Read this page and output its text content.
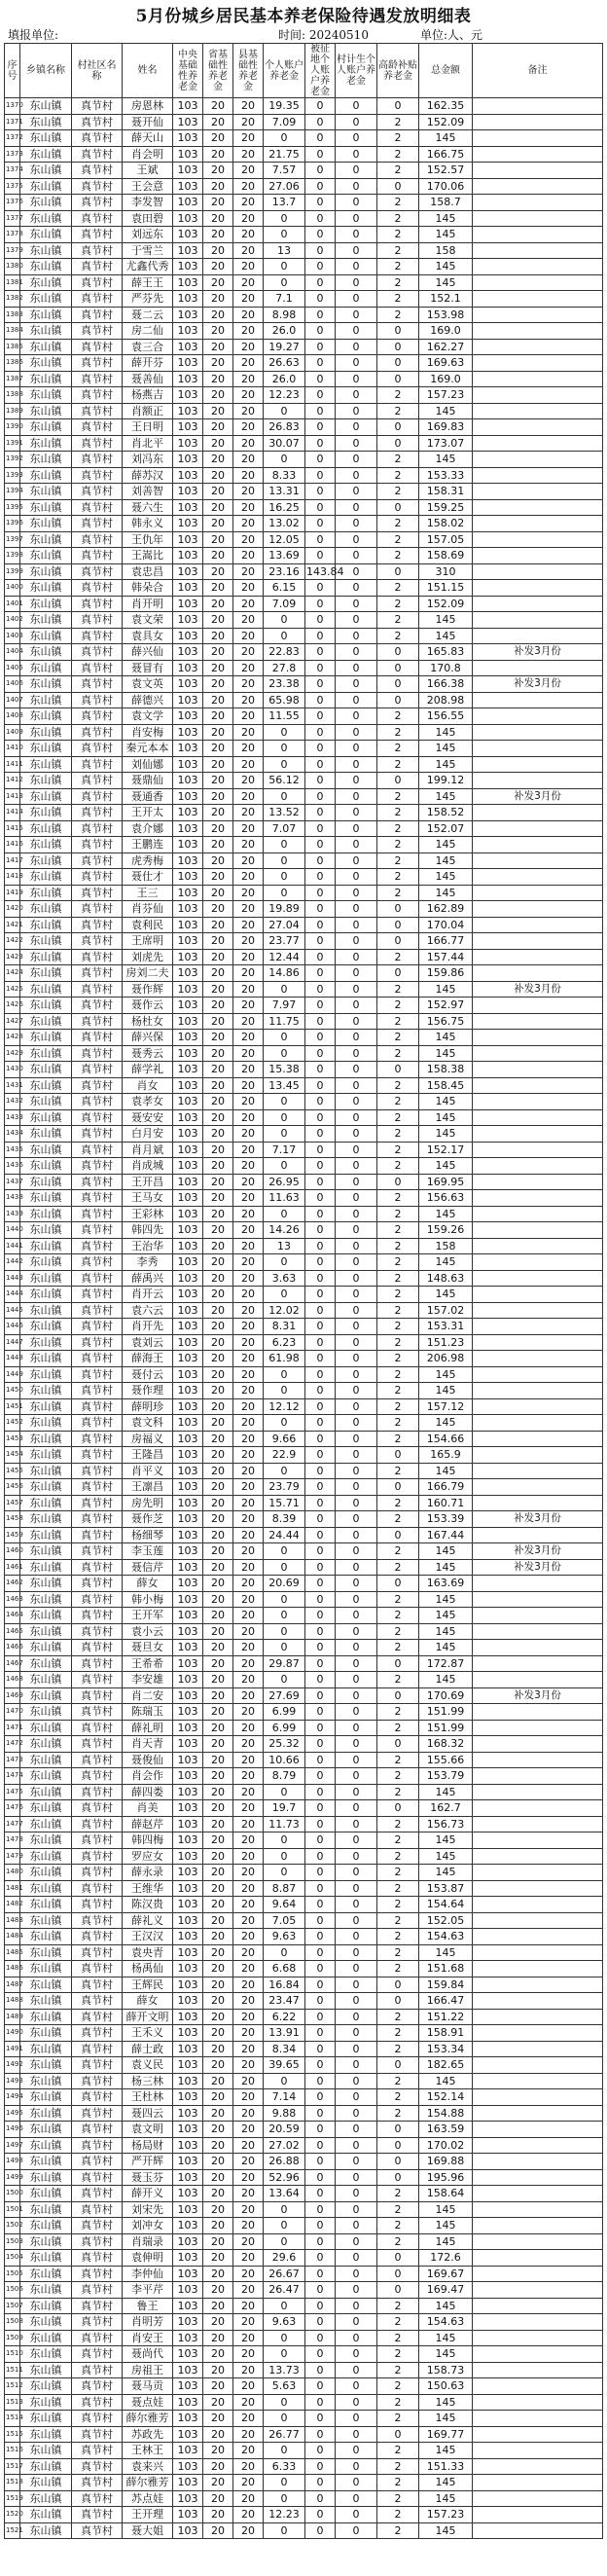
5月份城乡居民基本养老保险待遇发放明细表
填报单位:	时间: 20240510	单位:人、元
序号	乡镇名称	村社区名称	姓名	中央基础性养老金	省基础性养老金	县基础性养老金	个人账户养老金	被征地个人账户养老金	村计生个人账户养老金	高龄补贴养老金	总金额	备注
1370	东山镇	真节村	房恩林	103	20	20	19.35	0	0	0	162.35	
1371	东山镇	真节村	聂开仙	103	20	20	7.09	0	0	2	152.09	
1372	东山镇	真节村	薛天山	103	20	20	0	0	0	2	145	
1373	东山镇	真节村	肖会明	103	20	20	21.75	0	0	2	166.75	
1374	东山镇	真节村	王斌	103	20	20	7.57	0	0	2	152.57	
1375	东山镇	真节村	王会意	103	20	20	27.06	0	0	0	170.06	
1376	东山镇	真节村	李发智	103	20	20	13.7	0	0	2	158.7	
1377	东山镇	真节村	袁田碧	103	20	20	0	0	0	2	145	
1378	东山镇	真节村	刘远东	103	20	20	0	0	0	2	145	
1379	东山镇	真节村	于雪兰	103	20	20	13	0	0	2	158	
1380	东山镇	真节村	尤鑫代秀	103	20	20	0	0	0	2	145	
1381	东山镇	真节村	薛王王	103	20	20	0	0	0	2	145	
1382	东山镇	真节村	严芬先	103	20	20	7.1	0	0	2	152.1	
1383	东山镇	真节村	聂二云	103	20	20	8.98	0	0	2	153.98	
1384	东山镇	真节村	房二仙	103	20	20	26.0	0	0	0	169.0	
1385	东山镇	真节村	袁三合	103	20	20	19.27	0	0	0	162.27	
1386	东山镇	真节村	薛开芬	103	20	20	26.63	0	0	0	169.63	
1387	东山镇	真节村	聂善仙	103	20	20	26.0	0	0	0	169.0	
1388	东山镇	真节村	杨燕吉	103	20	20	12.23	0	0	2	157.23	
1389	东山镇	真节村	肖额正	103	20	20	0	0	0	2	145	
1390	东山镇	真节村	王日明	103	20	20	26.83	0	0	0	169.83	
1391	东山镇	真节村	肖北平	103	20	20	30.07	0	0	0	173.07	
1392	东山镇	真节村	刘冯东	103	20	20	0	0	0	2	145	
1393	东山镇	真节村	薛苏汉	103	20	20	8.33	0	0	2	153.33	
1394	东山镇	真节村	刘善智	103	20	20	13.31	0	0	2	158.31	
1395	东山镇	真节村	聂六生	103	20	20	16.25	0	0	0	159.25	
1396	东山镇	真节村	韩永义	103	20	20	13.02	0	0	2	158.02	
1397	东山镇	真节村	王仇年	103	20	20	12.05	0	0	2	157.05	
1398	东山镇	真节村	王嵩比	103	20	20	13.69	0	0	2	158.69	
1399	东山镇	真节村	袁忠昌	103	20	20	23.16	143.84	0	0	310	
1400	东山镇	真节村	韩朵合	103	20	20	6.15	0	0	2	151.15	
1401	东山镇	真节村	肖开明	103	20	20	7.09	0	0	2	152.09	
1402	东山镇	真节村	袁文荣	103	20	20	0	0	0	2	145	
1403	东山镇	真节村	袁具女	103	20	20	0	0	0	2	145	
1404	东山镇	真节村	薛兴仙	103	20	20	22.83	0	0	0	165.83	补发3月份
1405	东山镇	真节村	聂冒有	103	20	20	27.8	0	0	0	170.8	
1406	东山镇	真节村	袁文英	103	20	20	23.38	0	0	0	166.38	补发3月份
1407	东山镇	真节村	薛德兴	103	20	20	65.98	0	0	0	208.98	
1408	东山镇	真节村	袁文学	103	20	20	11.55	0	0	2	156.55	
1409	东山镇	真节村	肖安梅	103	20	20	0	0	0	2	145	
1410	东山镇	真节村	秦元本本	103	20	20	0	0	0	2	145	
1411	东山镇	真节村	刘仙娜	103	20	20	0	0	0	2	145	
1412	东山镇	真节村	聂鼎仙	103	20	20	56.12	0	0	0	199.12	
1413	东山镇	真节村	聂通香	103	20	20	0	0	0	2	145	补发3月份
1414	东山镇	真节村	王开太	103	20	20	13.52	0	0	2	158.52	
1415	东山镇	真节村	袁介娜	103	20	20	7.07	0	0	2	152.07	
1416	东山镇	真节村	王鹏连	103	20	20	0	0	0	2	145	
1417	东山镇	真节村	虎秀梅	103	20	20	0	0	0	2	145	
1418	东山镇	真节村	聂仕才	103	20	20	0	0	0	2	145	
1419	东山镇	真节村	王三	103	20	20	0	0	0	2	145	
1420	东山镇	真节村	肖芬仙	103	20	20	19.89	0	0	0	162.89	
1421	东山镇	真节村	袁利民	103	20	20	27.04	0	0	0	170.04	
1422	东山镇	真节村	王席明	103	20	20	23.77	0	0	0	166.77	
1423	东山镇	真节村	刘虎先	103	20	20	12.44	0	0	2	157.44	
1424	东山镇	真节村	房刘二夫	103	20	20	14.86	0	0	0	159.86	
1425	东山镇	真节村	聂作辉	103	20	20	0	0	0	2	145	补发3月份
1426	东山镇	真节村	聂作云	103	20	20	7.97	0	0	2	152.97	
1427	东山镇	真节村	杨杜女	103	20	20	11.75	0	0	2	156.75	
1428	东山镇	真节村	薛兴保	103	20	20	0	0	0	2	145	
1429	东山镇	真节村	聂秀云	103	20	20	0	0	0	2	145	
1430	东山镇	真节村	薛学礼	103	20	20	15.38	0	0	0	158.38	
1431	东山镇	真节村	肖女	103	20	20	13.45	0	0	2	158.45	
1432	东山镇	真节村	袁孝女	103	20	20	0	0	0	2	145	
1433	东山镇	真节村	聂安安	103	20	20	0	0	0	2	145	
1434	东山镇	真节村	白月安	103	20	20	0	0	0	2	145	
1435	东山镇	真节村	肖月斌	103	20	20	7.17	0	0	2	152.17	
1436	东山镇	真节村	肖成城	103	20	20	0	0	0	2	145	
1437	东山镇	真节村	王开昌	103	20	20	26.95	0	0	0	169.95	
1438	东山镇	真节村	王马女	103	20	20	11.63	0	0	2	156.63	
1439	东山镇	真节村	王彩林	103	20	20	0	0	0	2	145	
1440	东山镇	真节村	韩四先	103	20	20	14.26	0	0	2	159.26	
1441	东山镇	真节村	王治华	103	20	20	13	0	0	2	158	
1442	东山镇	真节村	李秀	103	20	20	0	0	0	2	145	
1443	东山镇	真节村	薛禹兴	103	20	20	3.63	0	0	2	148.63	
1444	东山镇	真节村	肖开云	103	20	20	0	0	0	2	145	
1445	东山镇	真节村	袁六云	103	20	20	12.02	0	0	2	157.02	
1446	东山镇	真节村	肖开先	103	20	20	8.31	0	0	2	153.31	
1447	东山镇	真节村	袁刘云	103	20	20	6.23	0	0	2	151.23	
1448	东山镇	真节村	薛海王	103	20	20	61.98	0	0	2	206.98	
1449	东山镇	真节村	聂付云	103	20	20	0	0	0	2	145	
1450	东山镇	真节村	聂作理	103	20	20	0	0	0	2	145	
1451	东山镇	真节村	薛明珍	103	20	20	12.12	0	0	2	157.12	
1452	东山镇	真节村	袁文科	103	20	20	0	0	0	2	145	
1453	东山镇	真节村	房福义	103	20	20	9.66	0	0	2	154.66	
1454	东山镇	真节村	王隆昌	103	20	20	22.9	0	0	0	165.9	
1455	东山镇	真节村	肖平义	103	20	20	0	0	0	2	145	
1456	东山镇	真节村	王凛昌	103	20	20	23.79	0	0	0	166.79	
1457	东山镇	真节村	房先明	103	20	20	15.71	0	0	2	160.71	
1458	东山镇	真节村	聂作芝	103	20	20	8.39	0	0	2	153.39	补发3月份
1459	东山镇	真节村	杨细琴	103	20	20	24.44	0	0	0	167.44	
1460	东山镇	真节村	李玉莲	103	20	20	0	0	0	2	145	补发3月份
1461	东山镇	真节村	聂信芹	103	20	20	0	0	0	2	145	补发3月份
1462	东山镇	真节村	薛女	103	20	20	20.69	0	0	0	163.69	
1463	东山镇	真节村	韩小梅	103	20	20	0	0	0	2	145	
1464	东山镇	真节村	王开军	103	20	20	0	0	0	2	145	
1465	东山镇	真节村	袁小云	103	20	20	0	0	0	2	145	
1466	东山镇	真节村	聂旦女	103	20	20	0	0	0	2	145	
1467	东山镇	真节村	王希希	103	20	20	29.87	0	0	0	172.87	
1468	东山镇	真节村	李安雄	103	20	20	0	0	0	2	145	
1469	东山镇	真节村	肖二安	103	20	20	27.69	0	0	0	170.69	补发3月份
1470	东山镇	真节村	陈瑞玉	103	20	20	6.99	0	0	2	151.99	
1471	东山镇	真节村	薛礼明	103	20	20	6.99	0	0	2	151.99	
1472	东山镇	真节村	肖天青	103	20	20	25.32	0	0	0	168.32	
1473	东山镇	真节村	聂俊仙	103	20	20	10.66	0	0	2	155.66	
1474	东山镇	真节村	肖会作	103	20	20	8.79	0	0	2	153.79	
1475	东山镇	真节村	薛四娄	103	20	20	0	0	0	2	145	
1476	东山镇	真节村	肖美	103	20	20	19.7	0	0	0	162.7	
1477	东山镇	真节村	薛赵芹	103	20	20	11.73	0	0	2	156.73	
1478	东山镇	真节村	韩四梅	103	20	20	0	0	0	2	145	
1479	东山镇	真节村	罗应女	103	20	20	0	0	0	2	145	
1480	东山镇	真节村	薛永录	103	20	20	0	0	0	2	145	
1481	东山镇	真节村	王维华	103	20	20	8.87	0	0	2	153.87	
1482	东山镇	真节村	陈汉贵	103	20	20	9.64	0	0	2	154.64	
1483	东山镇	真节村	薛礼义	103	20	20	7.05	0	0	2	152.05	
1484	东山镇	真节村	王汉汉	103	20	20	9.63	0	0	2	154.63	
1485	东山镇	真节村	袁央青	103	20	20	0	0	0	2	145	
1486	东山镇	真节村	杨禹仙	103	20	20	6.68	0	0	2	151.68	
1487	东山镇	真节村	王辉民	103	20	20	16.84	0	0	0	159.84	
1488	东山镇	真节村	薛女	103	20	20	23.47	0	0	0	166.47	
1489	东山镇	真节村	薛开文明	103	20	20	6.22	0	0	2	151.22	
1490	东山镇	真节村	王禾义	103	20	20	13.91	0	0	2	158.91	
1491	东山镇	真节村	薛士政	103	20	20	8.34	0	0	2	153.34	
1492	东山镇	真节村	袁义民	103	20	20	39.65	0	0	0	182.65	
1493	东山镇	真节村	杨三林	103	20	20	0	0	0	2	145	
1494	东山镇	真节村	王杜林	103	20	20	7.14	0	0	2	152.14	
1495	东山镇	真节村	聂四云	103	20	20	9.88	0	0	2	154.88	
1496	东山镇	真节村	袁文明	103	20	20	20.59	0	0	0	163.59	
1497	东山镇	真节村	杨局财	103	20	20	27.02	0	0	0	170.02	
1498	东山镇	真节村	严开辉	103	20	20	26.88	0	0	0	169.88	
1499	东山镇	真节村	聂玉芬	103	20	20	52.96	0	0	0	195.96	
1500	东山镇	真节村	薛开义	103	20	20	13.64	0	0	2	158.64	
1501	东山镇	真节村	刘宋先	103	20	20	0	0	0	2	145	
1502	东山镇	真节村	刘冲女	103	20	20	0	0	0	2	145	
1503	东山镇	真节村	肖瑞录	103	20	20	0	0	0	2	145	
1504	东山镇	真节村	袁伸明	103	20	20	29.6	0	0	0	172.6	
1505	东山镇	真节村	李仲仙	103	20	20	26.67	0	0	0	169.67	
1506	东山镇	真节村	李平芹	103	20	20	26.47	0	0	0	169.47	
1507	东山镇	真节村	鲁王	103	20	20	0	0	0	2	145	
1508	东山镇	真节村	肖明芳	103	20	20	9.63	0	0	2	154.63	
1509	东山镇	真节村	肖安王	103	20	20	0	0	0	2	145	
1510	东山镇	真节村	聂尚代	103	20	20	0	0	0	2	145	
1511	东山镇	真节村	房祖王	103	20	20	13.73	0	0	2	158.73	
1512	东山镇	真节村	聂马贡	103	20	20	5.63	0	0	2	150.63	
1513	东山镇	真节村	聂点娃	103	20	20	0	0	0	2	145	
1514	东山镇	真节村	薛尔雅芳	103	20	20	0	0	0	2	145	
1515	东山镇	真节村	苏政先	103	20	20	26.77	0	0	0	169.77	
1516	东山镇	真节村	王林王	103	20	20	0	0	0	2	145	
1517	东山镇	真节村	袁来兴	103	20	20	6.33	0	0	2	151.33	
1518	东山镇	真节村	薛尔雅芳	103	20	20	0	0	0	2	145	
1519	东山镇	真节村	苏点娃	103	20	20	0	0	0	2	145	
1520	东山镇	真节村	王开理	103	20	20	12.23	0	0	2	157.23	
1521	东山镇	真节村	聂大姐	103	20	20	0	0	0	2	145	
